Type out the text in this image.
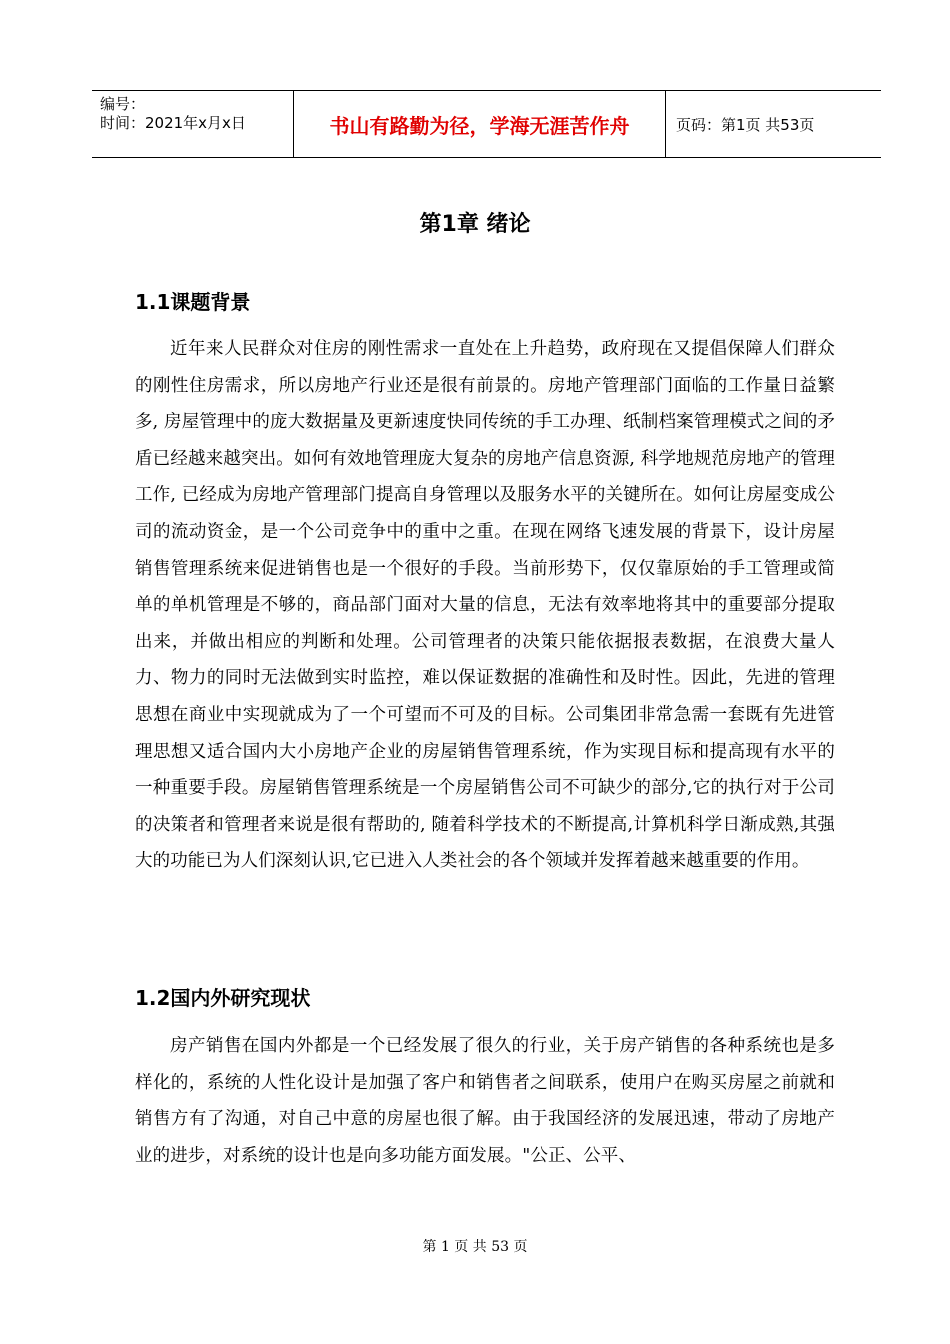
编号：
时间：2021年x月x日	书山有路勤为径，学海无涯苦作舟	页码：第1页 共53页
第1章 绪论
1.1课题背景

近年来人民群众对住房的刚性需求一直处在上升趋势，政府现在又提倡保障人们群众的刚性住房需求，所以房地产行业还是很有前景的。房地产管理部门面临的工作量日益繁多, 房屋管理中的庞大数据量及更新速度快同传统的手工办理、纸制档案管理模式之间的矛盾已经越来越突出。如何有效地管理庞大复杂的房地产信息资源, 科学地规范房地产的管理工作, 已经成为房地产管理部门提高自身管理以及服务水平的关键所在。如何让房屋变成公司的流动资金，是一个公司竞争中的重中之重。在现在网络飞速发展的背景下，设计房屋销售管理系统来促进销售也是一个很好的手段。当前形势下，仅仅靠原始的手工管理或简单的单机管理是不够的，商品部门面对大量的信息，无法有效率地将其中的重要部分提取出来，并做出相应的判断和处理。公司管理者的决策只能依据报表数据，在浪费大量人力、物力的同时无法做到实时监控，难以保证数据的准确性和及时性。因此，先进的管理思想在商业中实现就成为了一个可望而不可及的目标。公司集团非常急需一套既有先进管理思想又适合国内大小房地产企业的房屋销售管理系统，作为实现目标和提高现有水平的一种重要手段。房屋销售管理系统是一个房屋销售公司不可缺少的部分,它的执行对于公司的决策者和管理者来说是很有帮助的, 随着科学技术的不断提高,计算机科学日渐成熟,其强大的功能已为人们深刻认识,它已进入人类社会的各个领域并发挥着越来越重要的作用。

1.2国内外研究现状

房产销售在国内外都是一个已经发展了很久的行业，关于房产销售的各种系统也是多样化的，系统的人性化设计是加强了客户和销售者之间联系，使用户在购买房屋之前就和销售方有了沟通，对自己中意的房屋也很了解。由于我国经济的发展迅速，带动了房地产业的进步，对系统的设计也是向多功能方面发展。"公正、公平、

第 1 页 共 53 页
